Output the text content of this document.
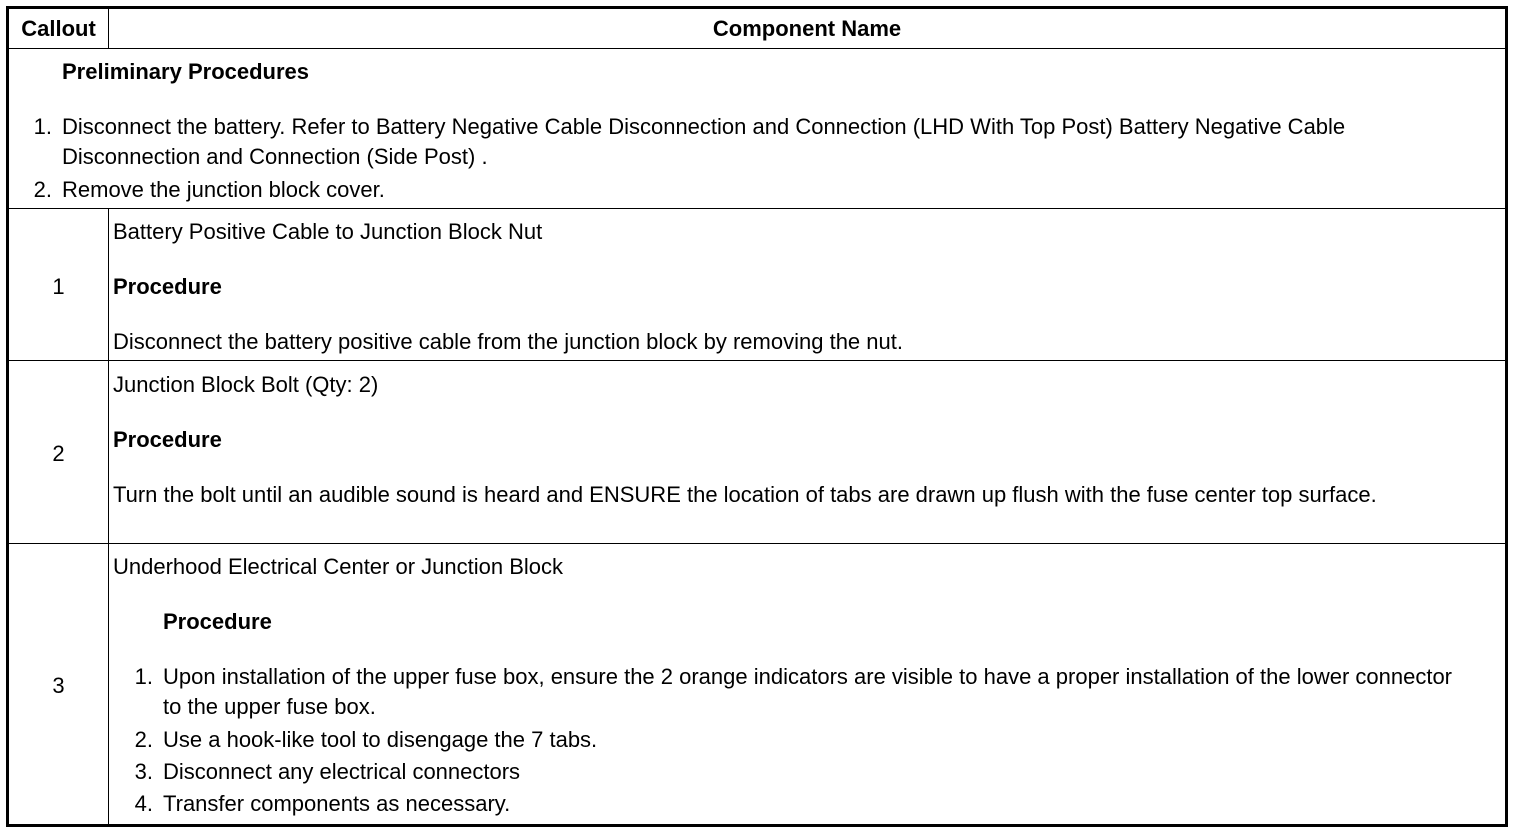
Callout	Component Name
Preliminary Procedures
1. Disconnect the battery. Refer to Battery Negative Cable Disconnection and Connection (LHD With Top Post) Battery Negative Cable Disconnection and Connection (Side Post) .
2. Remove the junction block cover.
1
Battery Positive Cable to Junction Block Nut
Procedure
Disconnect the battery positive cable from the junction block by removing the nut.
2
Junction Block Bolt (Qty: 2)
Procedure
Turn the bolt until an audible sound is heard and ENSURE the location of tabs are drawn up flush with the fuse center top surface.
3
Underhood Electrical Center or Junction Block
Procedure
1. Upon installation of the upper fuse box, ensure the 2 orange indicators are visible to have a proper installation of the lower connector to the upper fuse box.
2. Use a hook-like tool to disengage the 7 tabs.
3. Disconnect any electrical connectors
4. Transfer components as necessary.
